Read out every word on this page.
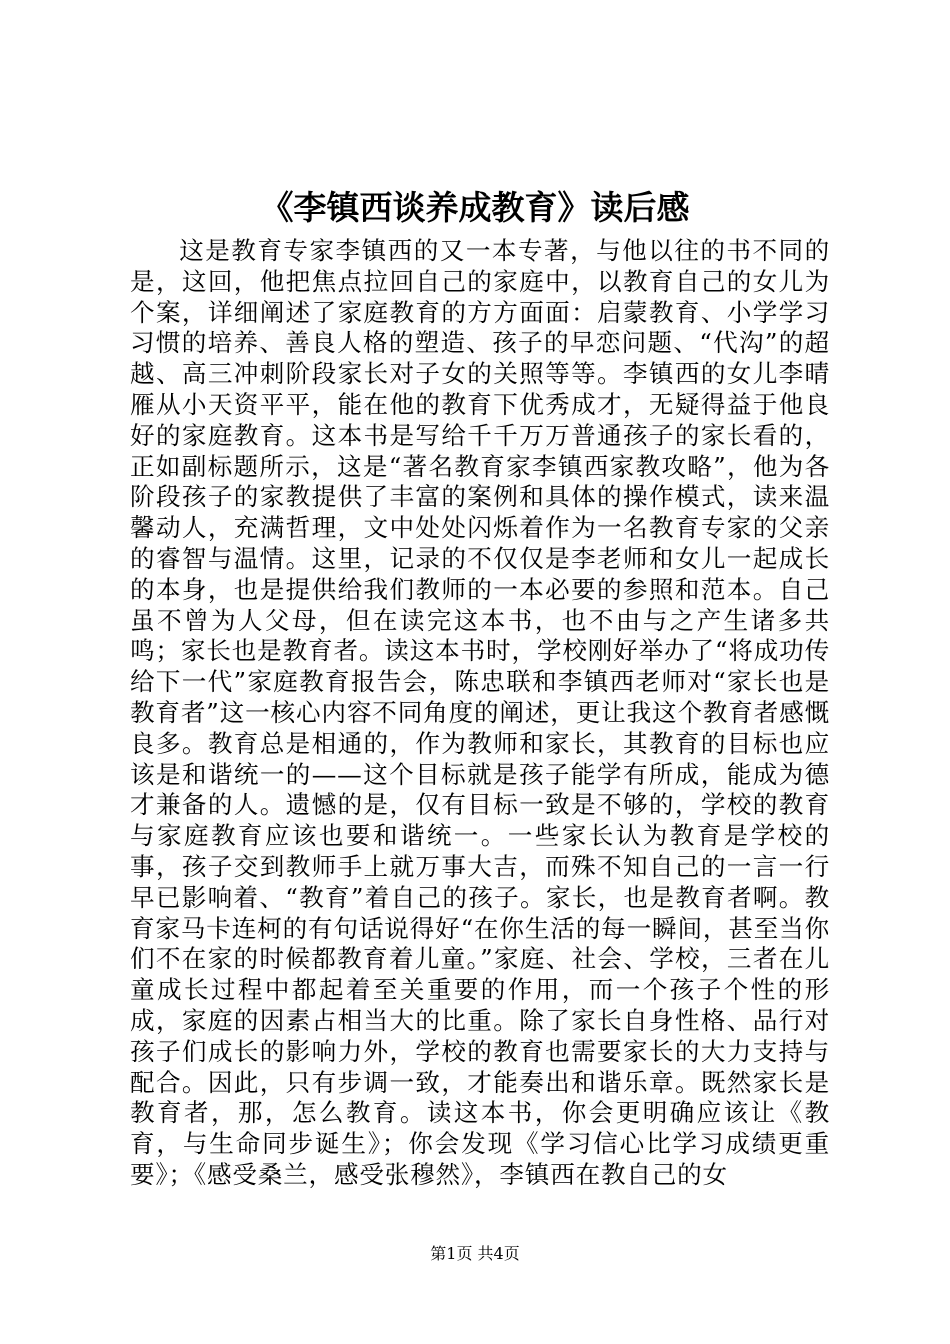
《李镇西谈养成教育》读后感

这是教育专家李镇西的又一本专著，与他以往的书不同的是，这回，他把焦点拉回自己的家庭中，以教育自己的女儿为个案，详细阐述了家庭教育的方方面面：启蒙教育、小学学习习惯的培养、善良人格的塑造、孩子的早恋问题、“代沟”的超越、高三冲刺阶段家长对子女的关照等等。李镇西的女儿李晴雁从小天资平平，能在他的教育下优秀成才，无疑得益于他良好的家庭教育。这本书是写给千千万万普通孩子的家长看的，正如副标题所示，这是“著名教育家李镇西家教攻略”，他为各阶段孩子的家教提供了丰富的案例和具体的操作模式，读来温馨动人，充满哲理，文中处处闪烁着作为一名教育专家的父亲的睿智与温情。这里，记录的不仅仅是李老师和女儿一起成长的本身，也是提供给我们教师的一本必要的参照和范本。自己虽不曾为人父母，但在读完这本书，也不由与之产生诸多共鸣；家长也是教育者。读这本书时，学校刚好举办了“将成功传给下一代”家庭教育报告会，陈忠联和李镇西老师对“家长也是教育者”这一核心内容不同角度的阐述，更让我这个教育者感慨良多。教育总是相通的，作为教师和家长，其教育的目标也应该是和谐统一的——这个目标就是孩子能学有所成，能成为德才兼备的人。遗憾的是，仅有目标一致是不够的，学校的教育与家庭教育应该也要和谐统一。一些家长认为教育是学校的事，孩子交到教师手上就万事大吉，而殊不知自己的一言一行早已影响着、“教育”着自己的孩子。家长，也是教育者啊。教育家马卡连柯的有句话说得好“在你生活的每一瞬间，甚至当你们不在家的时候都教育着儿童。”家庭、社会、学校，三者在儿童成长过程中都起着至关重要的作用，而一个孩子个性的形成，家庭的因素占相当大的比重。除了家长自身性格、品行对孩子们成长的影响力外，学校的教育也需要家长的大力支持与配合。因此，只有步调一致，才能奏出和谐乐章。既然家长是教育者，那，怎么教育。读这本书，你会更明确应该让《教育，与生命同步诞生》；你会发现《学习信心比学习成绩更重要》；《感受桑兰，感受张穆然》，李镇西在教自己的女

第1页 共4页
